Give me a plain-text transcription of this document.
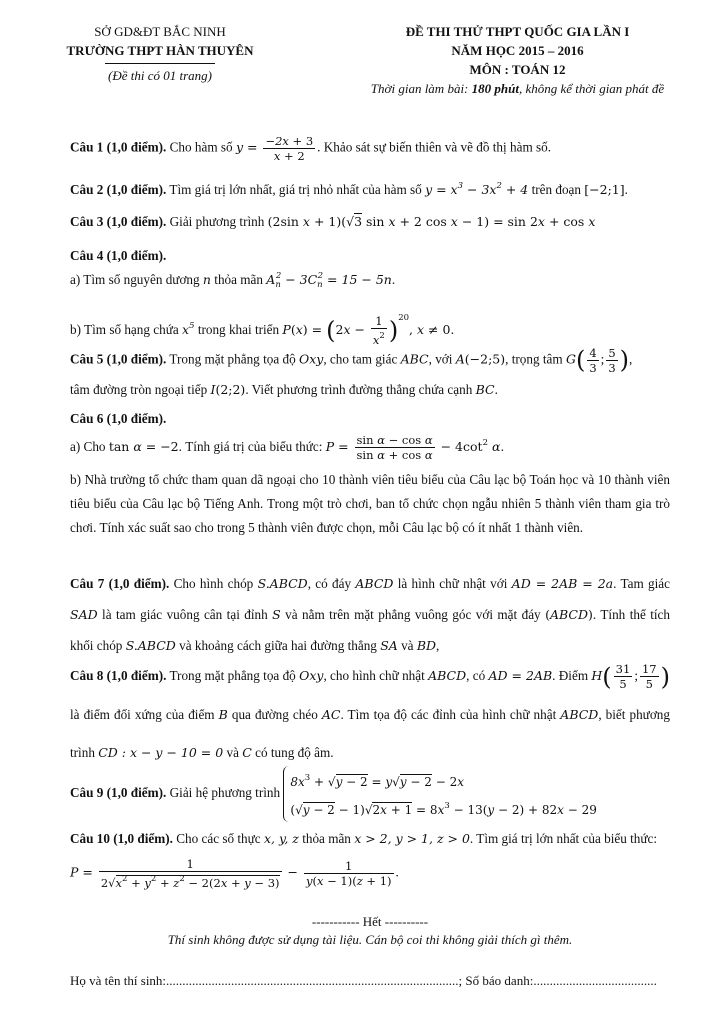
SỞ GD&ĐT BẮC NINH
TRƯỜNG THPT HÀN THUYÊN
(Đề thi có 01 trang)
ĐỀ THI THỬ THPT QUỐC GIA LẦN I
NĂM HỌC 2015 – 2016
MÔN : TOÁN 12
Thời gian làm bài: 180 phút, không kể thời gian phát đề
Câu 1 (1,0 điểm). Cho hàm số $y = \frac{-2x + 3}{x + 2}$ . Khảo sát sự biến thiên và vẽ đồ thị hàm số.
Câu 2 (1,0 điểm). Tìm giá trị lớn nhất, giá trị nhỏ nhất của hàm số $y = x^3 - 3x^2 + 4$ trên đoạn [−2;1].
Câu 3 (1,0 điểm). Giải phương trình (2sin x + 1)(√3 sin x + 2 cos x − 1) = sin 2x + cos x
Câu 4 (1,0 điểm).
a) Tìm số nguyên dương n thỏa mãn $A_n^2 - 3C_n^2 = 15 - 5n$.
b) Tìm số hạng chứa $x^5$ trong khai triển $P(x) = (2x - \frac{1}{x^2} )^{20}$, x ≠ 0.
Câu 5 (1,0 điểm). Trong mặt phẳng tọa độ Oxy, cho tam giác ABC, với A(−2;5), trọng tâm $G( \frac{4}{3}$ ; $\frac{5}{3}$ ),
tâm đường tròn ngoại tiếp I(2;2). Viết phương trình đường thẳng chứa cạnh BC.
Câu 6 (1,0 điểm).
a) Cho tan α = −2. Tính giá trị của biểu thức: $P = \frac{\text{sin α − cos α}}{\text{sin α + cos α}} - 4\cot^2$ α.
b) Nhà trường tổ chức tham quan dã ngoại cho 10 thành viên tiêu biểu của Câu lạc bộ Toán học và 10 thành viên tiêu biểu của Câu lạc bộ Tiếng Anh. Trong một trò chơi, ban tổ chức chọn ngẫu nhiên 5 thành viên tham gia trò chơi. Tính xác suất sao cho trong 5 thành viên được chọn, mỗi Câu lạc bộ có ít nhất 1 thành viên.
Câu 7 (1,0 điểm). Cho hình chóp S.ABCD, có đáy ABCD là hình chữ nhật với AD = 2AB = 2a. Tam giác SAD là tam giác vuông cân tại đỉnh S và nằm trên mặt phẳng vuông góc với mặt đáy (ABCD). Tính thể tích khối chóp S.ABCD và khoảng cách giữa hai đường thẳng SA và BD,
Câu 8 (1,0 điểm). Trong mặt phẳng tọa độ Oxy, cho hình chữ nhật ABCD, có AD = 2AB. Điểm $H( \frac{31}{5}$ ; $\frac{17}{5}$ ) là điểm đối xứng của điểm B qua đường chéo AC. Tìm tọa độ các đỉnh của hình chữ nhật ABCD, biết phương trình CD : x − y − 10 = 0 và C có tung độ âm.
Câu 9 (1,0 điểm). Giải hệ phương trình
$8x^3 + √y - 2 = y√y - 2 - 2x$
$(√y - 2 - 1)√2x + 1 = 8x^3 - 13(y - 2) + 82x - 29$
Câu 10 (1,0 điểm). Cho các số thực x, y, z thỏa mãn x > 2, y > 1, z > 0. Tìm giá trị lớn nhất của biểu thức:
$P = \frac{1}{2√x^2 + y^2 + z^2 - 2(2x + y - 3)} - \frac{1}{y(x - 1)(z + 1)}$ .
----------- Hết ----------
Thí sinh không được sử dụng tài liệu. Cán bộ coi thi không giải thích gì thêm.
Họ và tên thí sinh:..........................................................................................; Số báo danh:......................................
